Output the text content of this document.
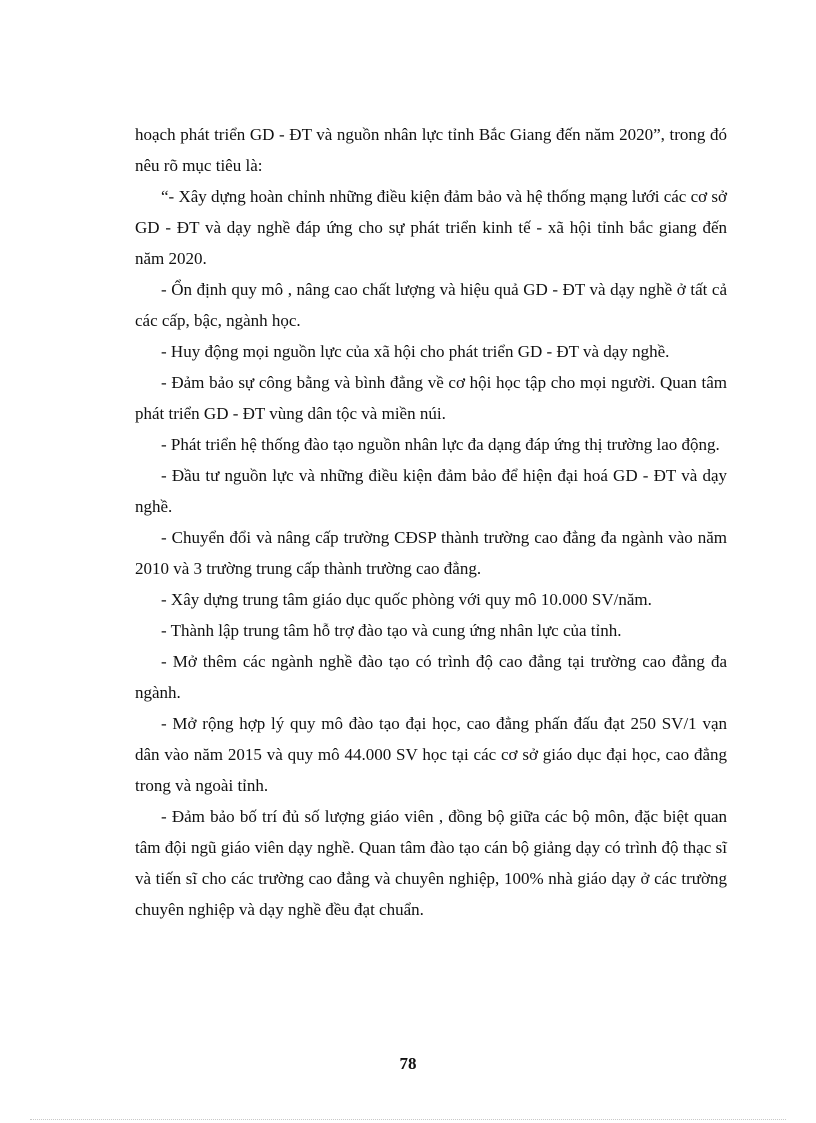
hoạch phát triển GD - ĐT và nguồn nhân lực tỉnh Bắc Giang đến năm 2020”, trong đó nêu rõ mục tiêu là:

“- Xây dựng hoàn chỉnh những điều kiện đảm bảo và hệ thống mạng lưới các cơ sở GD - ĐT và dạy nghề đáp ứng cho sự phát triển kinh tế - xã hội tỉnh bắc giang đến năm 2020.

- Ổn định quy mô , nâng cao chất lượng và hiệu quả GD - ĐT và dạy nghề ở tất cả các cấp, bậc, ngành học.

- Huy động mọi nguồn lực của xã hội cho phát triển GD - ĐT và dạy nghề.

- Đảm bảo sự công bằng và bình đẳng về cơ hội học tập cho mọi người. Quan tâm phát triển GD - ĐT vùng dân tộc và miền núi.

- Phát triển hệ thống đào tạo nguồn nhân lực đa dạng đáp ứng thị trường lao động.

- Đầu tư nguồn lực và những điều kiện đảm bảo để hiện đại hoá GD - ĐT và dạy nghề.

- Chuyển đổi và nâng cấp trường CĐSP thành trường cao đẳng đa ngành vào năm 2010 và 3 trường trung cấp thành trường cao đẳng.

- Xây dựng trung tâm giáo dục quốc phòng với quy mô 10.000 SV/năm.

- Thành lập trung tâm hỗ trợ đào tạo và cung ứng nhân lực của tỉnh.

- Mở thêm các ngành nghề đào tạo có trình độ cao đẳng tại trường cao đẳng đa ngành.

- Mở rộng hợp lý quy mô đào tạo đại học, cao đẳng phấn đấu đạt 250 SV/1 vạn dân vào năm 2015 và quy mô 44.000 SV học tại các cơ sở giáo dục đại học, cao đẳng trong và ngoài tỉnh.

- Đảm bảo bố trí đủ số lượng giáo viên , đồng bộ giữa các bộ môn, đặc biệt quan tâm đội ngũ giáo viên dạy nghề. Quan tâm đào tạo cán bộ giảng dạy có trình độ thạc sĩ và tiến sĩ cho các trường cao đẳng và chuyên nghiệp, 100% nhà giáo dạy ở các trường chuyên nghiệp và dạy nghề đều đạt chuẩn.

78
